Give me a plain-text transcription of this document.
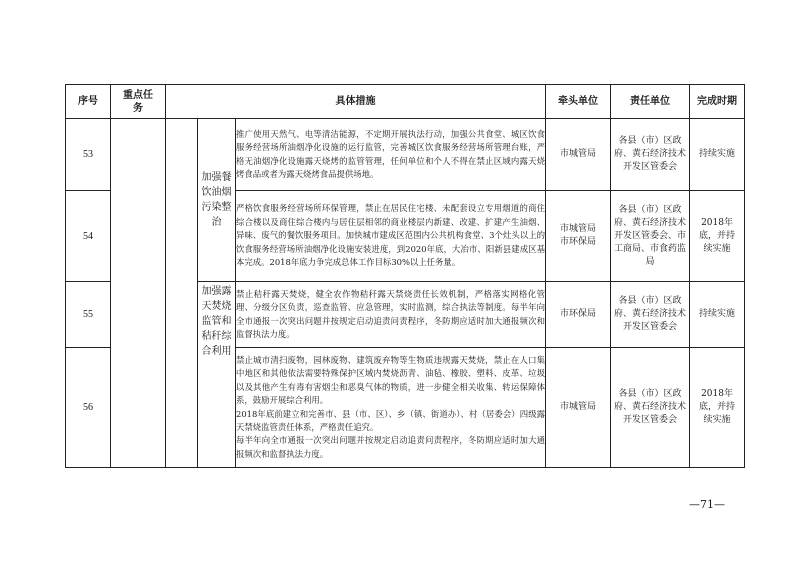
序号	重点任务	具体措施			牵头单位	责任单位	完成时期
53			加强餐饮油烟污染整治	推广使用天然气、电等清洁能源，不定期开展执法行动，加强公共食堂、城区饮食服务经营场所油烟净化设施的运行监管，完善城区饮食服务经营场所管理台账，严格无油烟净化设施露天烧烤的监管管理，任何单位和个人不得在禁止区域内露天烧烤食品或者为露天烧烤食品提供场地。	市城管局	各县（市）区政府、黄石经济技术开发区管委会	持续实施
54				严格饮食服务经营场所环保管理，禁止在居民住宅楼、未配套设立专用烟道的商住综合楼以及商住综合楼内与居住层相邻的商业楼层内新建、改建、扩建产生油烟、异味、废气的餐饮服务项目。加快城市建成区范围内公共机构食堂、3个灶头以上的饮食服务经营场所油烟净化设施安装进度，到2020年底，大冶市、阳新县建成区基本完成。2018年底力争完成总体工作目标30%以上任务量。	市城管局市环保局	各县（市）区政府、黄石经济技术开发区管委会、市工商局、市食药监局	2018年底，并持续实施
55			加强露天焚烧监管和秸秆综合利用	禁止秸秆露天焚烧，健全农作物秸秆露天禁烧责任长效机制，严格落实网格化管理、分级分区负责，巡查监管、应急管理，实时监测，综合执法等制度。每半年向全市通报一次突出问题并按规定启动追责问责程序，冬防期应适时加大通报频次和监督执法力度。	市环保局	各县（市）区政府、黄石经济技术开发区管委会	持续实施
56				禁止城市清扫废物，园林废物、建筑废弃物等生物质违规露天焚烧，禁止在人口集中地区和其他依法需要特殊保护区域内焚烧沥青、油毡、橡胶、塑料、皮革、垃圾以及其他产生有毒有害烟尘和恶臭气体的物质，进一步健全相关收集、转运保障体系，鼓励开展综合利用。
2018年底前建立和完善市、县（市、区）、乡（镇、街道办）、村（居委会）四级露天禁烧监管责任体系，严格责任追究。
每半年向全市通报一次突出问题并按规定启动追责问责程序，冬防期应适时加大通报频次和监督执法力度。	市城管局	各县（市）区政府、黄石经济技术开发区管委会	2018年底，并持续实施
—71—
